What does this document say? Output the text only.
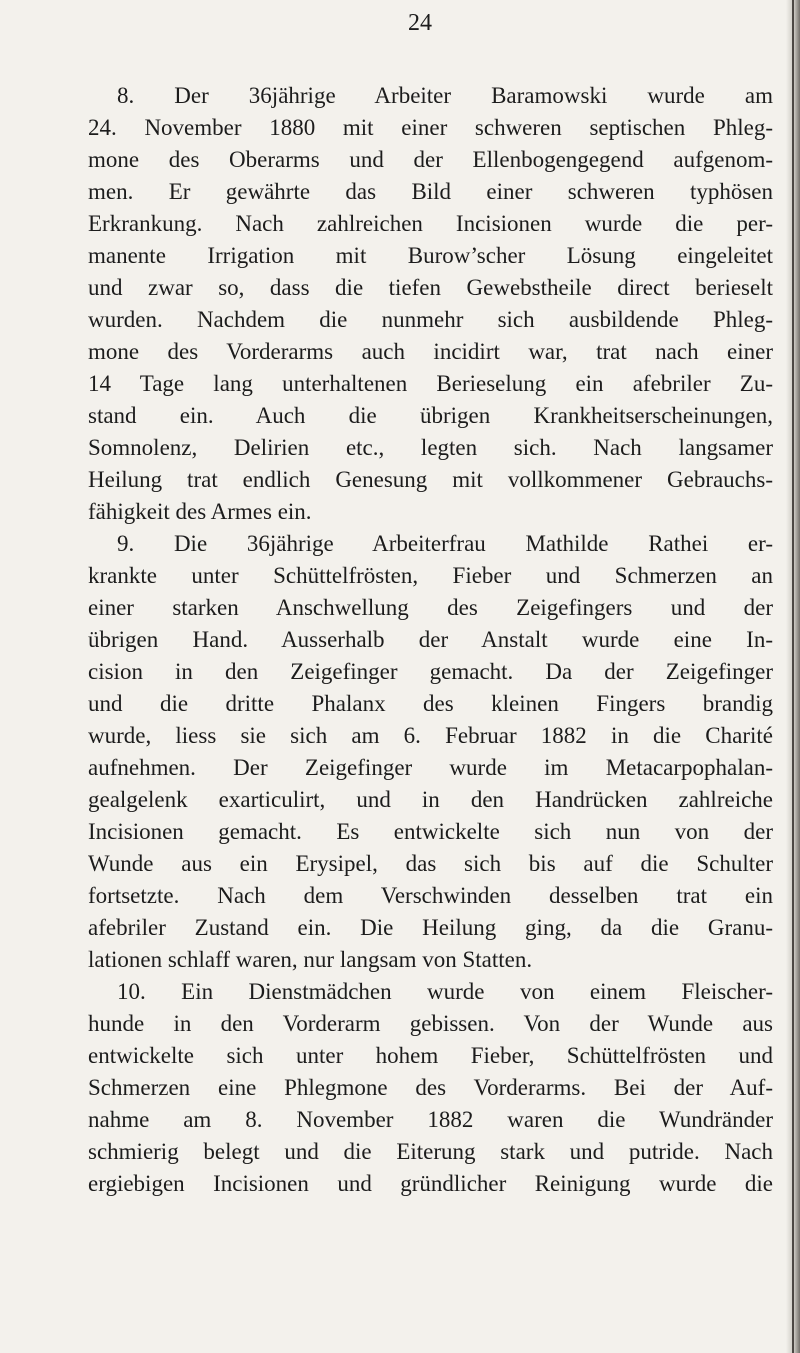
24
8. Der 36jährige Arbeiter Baramowski wurde am
24. November 1880 mit einer schweren septischen Phleg-
mone des Oberarms und der Ellenbogengegend aufgenom-
men. Er gewährte das Bild einer schweren typhösen
Erkrankung. Nach zahlreichen Incisionen wurde die per-
manente Irrigation mit Burow’scher Lösung eingeleitet
und zwar so, dass die tiefen Gewebstheile direct berieselt
wurden. Nachdem die nunmehr sich ausbildende Phleg-
mone des Vorderarms auch incidirt war, trat nach einer
14 Tage lang unterhaltenen Berieselung ein afebriler Zu-
stand ein. Auch die übrigen Krankheitserscheinungen,
Somnolenz, Delirien etc., legten sich. Nach langsamer
Heilung trat endlich Genesung mit vollkommener Gebrauchs-
fähigkeit des Armes ein.
9. Die 36jährige Arbeiterfrau Mathilde Rathei er-
krankte unter Schüttelfrösten, Fieber und Schmerzen an
einer starken Anschwellung des Zeigefingers und der
übrigen Hand. Ausserhalb der Anstalt wurde eine In-
cision in den Zeigefinger gemacht. Da der Zeigefinger
und die dritte Phalanx des kleinen Fingers brandig
wurde, liess sie sich am 6. Februar 1882 in die Charité
aufnehmen. Der Zeigefinger wurde im Metacarpophalan-
gealgelenk exarticulirt, und in den Handrücken zahlreiche
Incisionen gemacht. Es entwickelte sich nun von der
Wunde aus ein Erysipel, das sich bis auf die Schulter
fortsetzte. Nach dem Verschwinden desselben trat ein
afebriler Zustand ein. Die Heilung ging, da die Granu-
lationen schlaff waren, nur langsam von Statten.
10. Ein Dienstmädchen wurde von einem Fleischer-
hunde in den Vorderarm gebissen. Von der Wunde aus
entwickelte sich unter hohem Fieber, Schüttelfrösten und
Schmerzen eine Phlegmone des Vorderarms. Bei der Auf-
nahme am 8. November 1882 waren die Wundränder
schmierig belegt und die Eiterung stark und putride. Nach
ergiebigen Incisionen und gründlicher Reinigung wurde die
